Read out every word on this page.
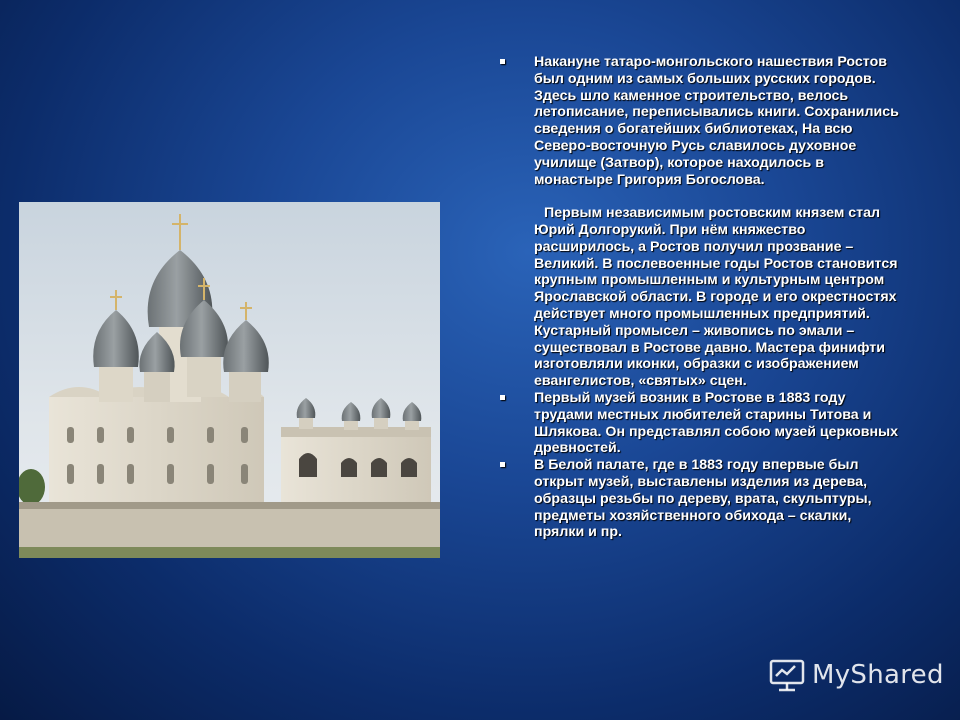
Накануне татаро-монгольского нашествия Ростов был одним из самых больших русских городов. Здесь шло каменное строительство, велось летописание, переписывались книги. Сохранились сведения о богатейших библиотеках, На всю Северо-восточную Русь славилось духовное училище (Затвор), которое находилось в монастыре Григория Богослова.
Первым независимым ростовским князем стал Юрий Долгорукий. При нём княжество расширилось, а Ростов получил прозвание – Великий. В послевоенные годы Ростов становится крупным промышленным и культурным центром Ярославской области. В городе и его окрестностях действует много промышленных предприятий. Кустарный промысел – живопись по эмали – существовал в Ростове давно. Мастера финифти изготовляли иконки, образки с изображением евангелистов, «святых» сцен.
Первый музей возник в Ростове в 1883 году трудами местных любителей старины Титова и Шлякова. Он представлял собою музей церковных древностей.
В Белой палате, где в 1883 году впервые был открыт музей, выставлены изделия из дерева, образцы резьбы по дереву, врата, скульптуры, предметы хозяйственного обихода – скалки, прялки и пр.
MyShared
